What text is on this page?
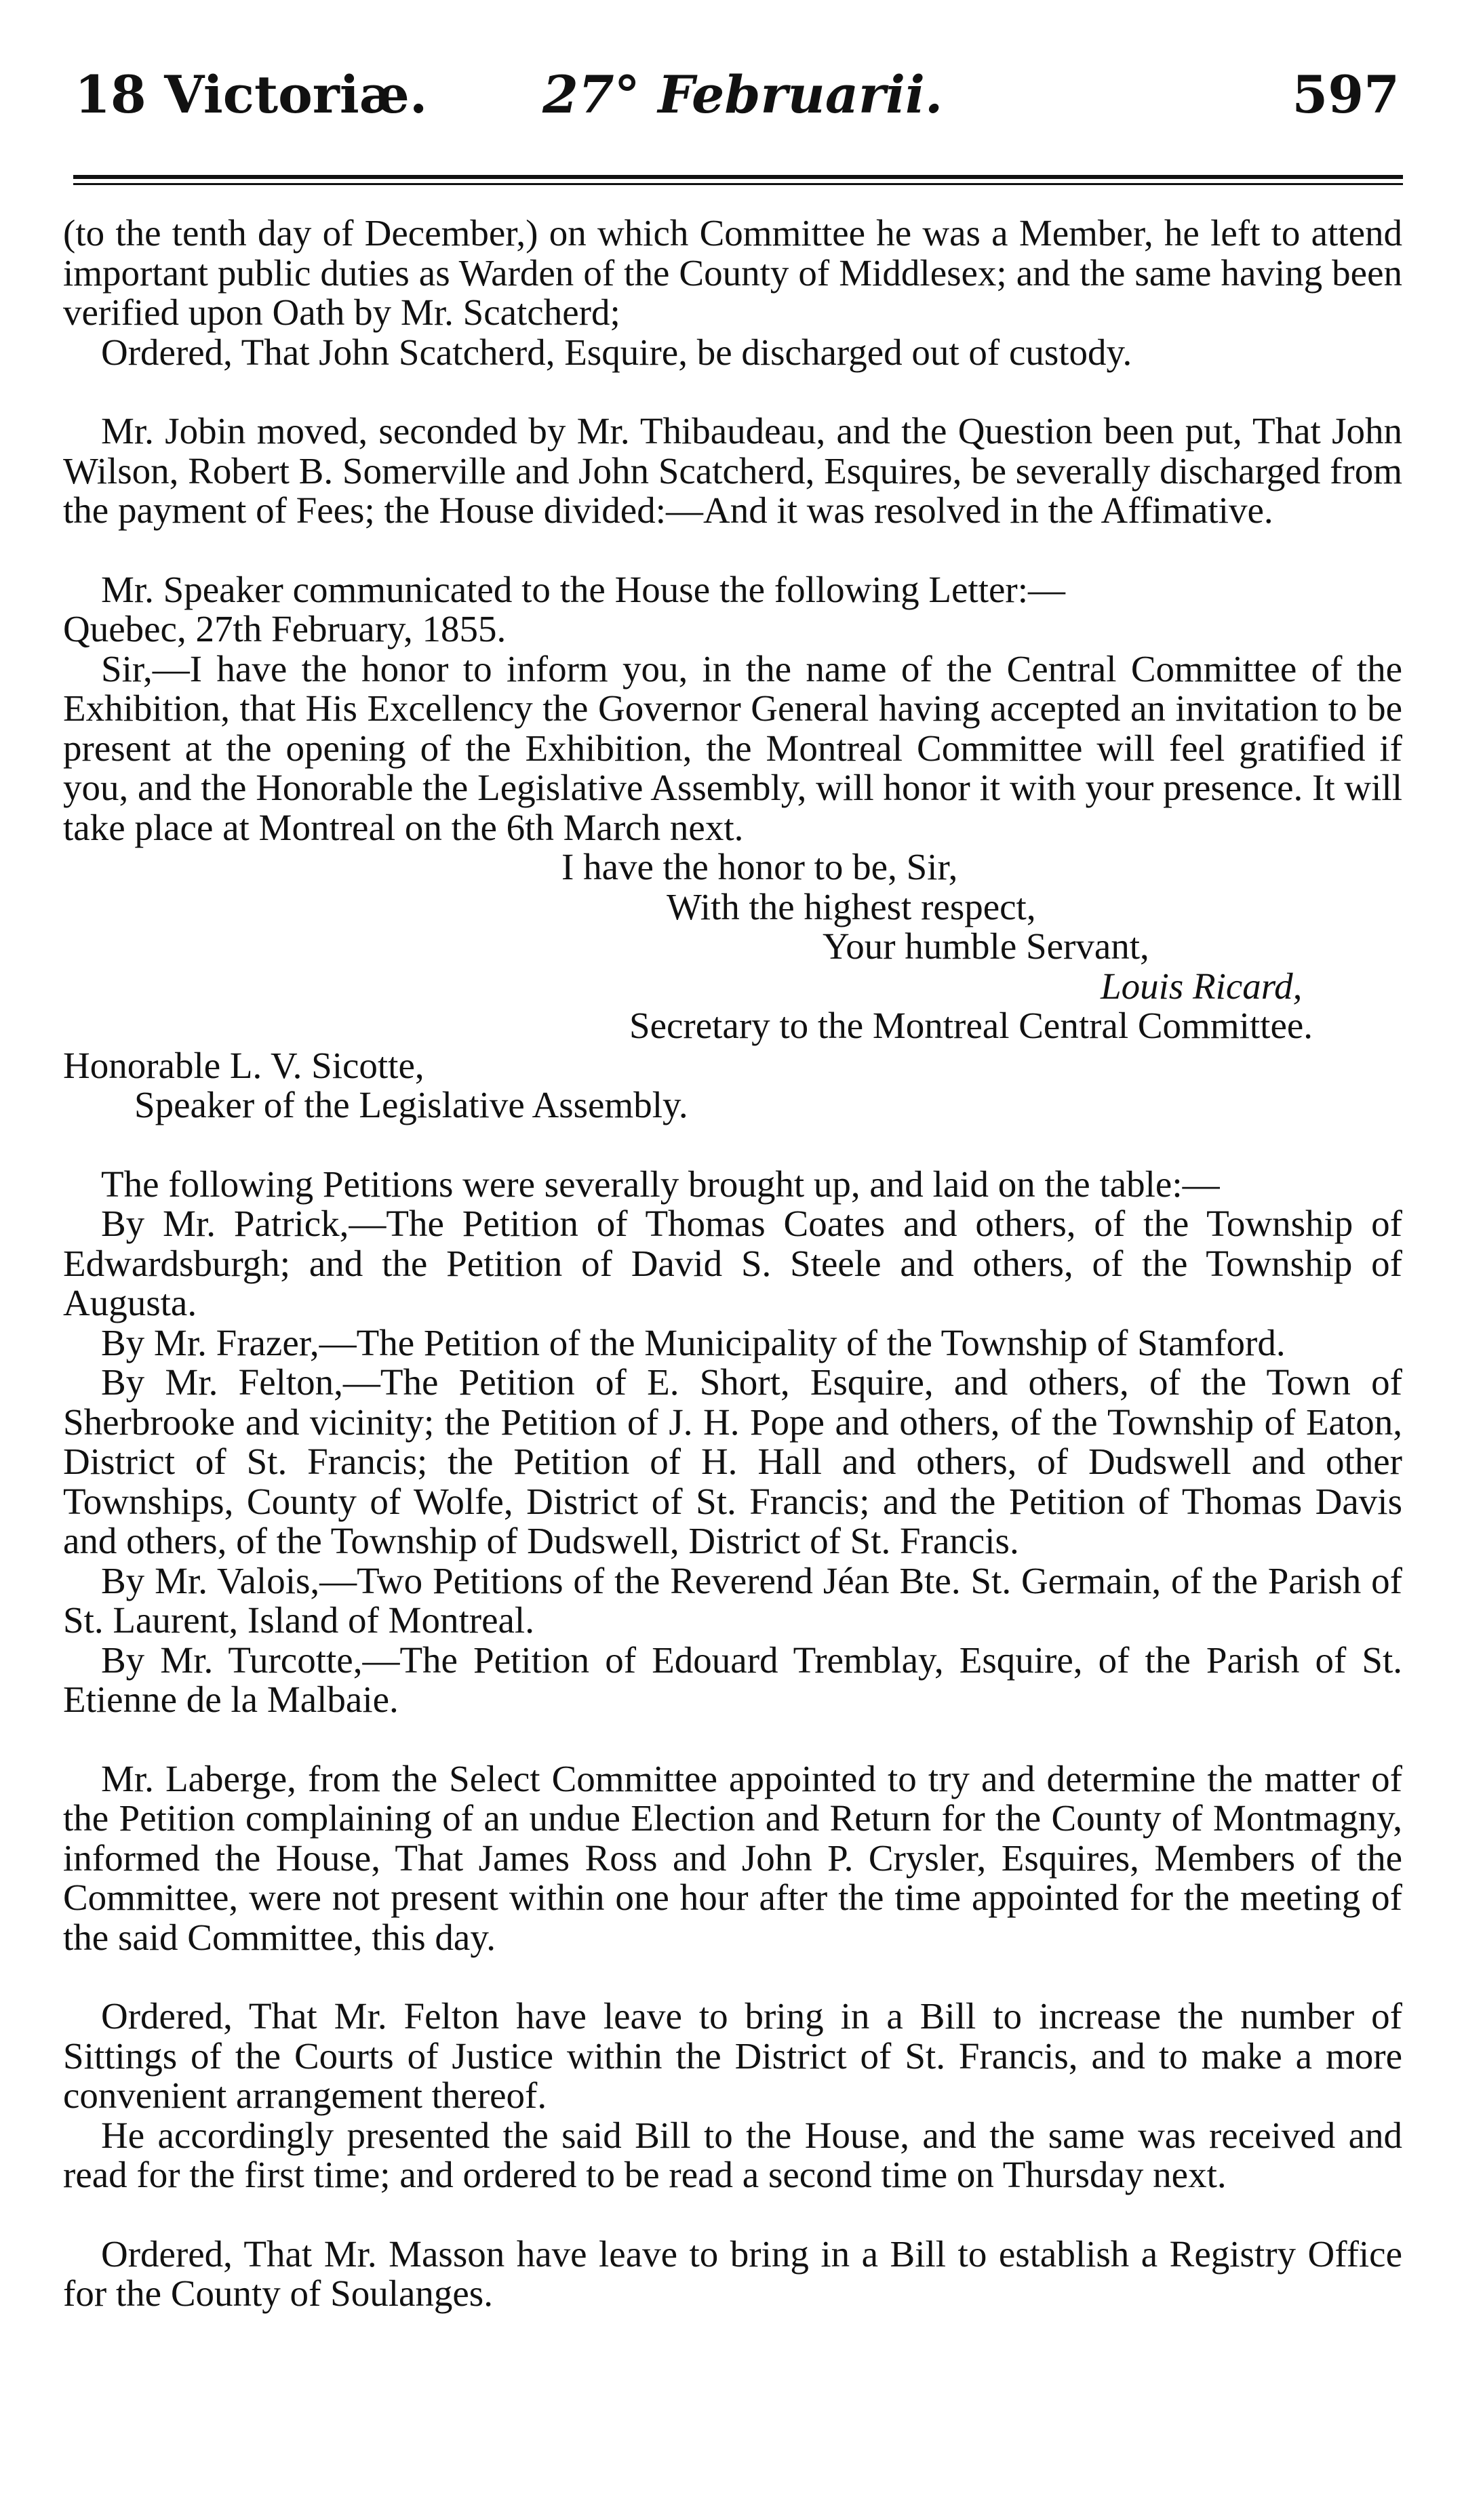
18 Victoriæ. 27° Februarii.	597

(to the tenth day of December,) on which Committee he was a Member, he left to attend important public duties as Warden of the County of Middlesex; and the same having been verified upon Oath by Mr. Scatcherd;

Ordered, That John Scatcherd, Esquire, be discharged out of custody.

Mr. Jobin moved, seconded by Mr. Thibaudeau, and the Question been put, That John Wilson, Robert B. Somerville and John Scatcherd, Esquires, be severally discharged from the payment of Fees; the House divided:—And it was resolved in the Affimative.

Mr. Speaker communicated to the House the following Letter:—

Quebec, 27th February, 1855.

Sir,—I have the honor to inform you, in the name of the Central Committee of the Exhibition, that His Excellency the Governor General having accepted an invitation to be present at the opening of the Exhibition, the Montreal Committee will feel gratified if you, and the Honorable the Legislative Assembly, will honor it with your presence. It will take place at Montreal on the 6th March next.

I have the honor to be, Sir,

With the highest respect,

Your humble Servant,

Louis Ricard,

Secretary to the Montreal Central Committee.

Honorable L. V. Sicotte,

Speaker of the Legislative Assembly.

The following Petitions were severally brought up, and laid on the table:—

By Mr. Patrick,—The Petition of Thomas Coates and others, of the Township of Edwardsburgh; and the Petition of David S. Steele and others, of the Township of Augusta.

By Mr. Frazer,—The Petition of the Municipality of the Township of Stamford.

By Mr. Felton,—The Petition of E. Short, Esquire, and others, of the Town of Sherbrooke and vicinity; the Petition of J. H. Pope and others, of the Township of Eaton, District of St. Francis; the Petition of H. Hall and others, of Dudswell and other Townships, County of Wolfe, District of St. Francis; and the Petition of Thomas Davis and others, of the Township of Dudswell, District of St. Francis.

By Mr. Valois,—Two Petitions of the Reverend Jéan Bte. St. Germain, of the Parish of St. Laurent, Island of Montreal.

By Mr. Turcotte,—The Petition of Edouard Tremblay, Esquire, of the Parish of St. Etienne de la Malbaie.

Mr. Laberge, from the Select Committee appointed to try and determine the matter of the Petition complaining of an undue Election and Return for the County of Montmagny, informed the House, That James Ross and John P. Crysler, Esquires, Members of the Committee, were not present within one hour after the time appointed for the meeting of the said Committee, this day.

Ordered, That Mr. Felton have leave to bring in a Bill to increase the number of Sittings of the Courts of Justice within the District of St. Francis, and to make a more convenient arrangement thereof.

He accordingly presented the said Bill to the House, and the same was received and read for the first time; and ordered to be read a second time on Thursday next.

Ordered, That Mr. Masson have leave to bring in a Bill to establish a Registry Office for the County of Soulanges.
